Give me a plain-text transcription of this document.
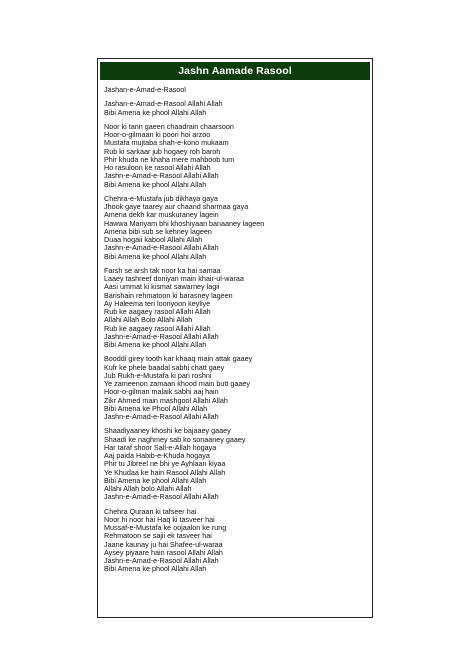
Jashn Aamade Rasool
Jashan-e-Amad-e-Rasool
Jashan-e-Amad-e-Rasool Allahi Allah
Bibi Amena ke phool Allahi Allah
Noor ki tann gaeen chaadrain chaarsoon
Hoor-o-gilmaan ki poori hoi arzoo
Mustafa mujtaba shah-e-kono mukaam
Rub ki sarkaar jub hogaey roh baroh
Phir khuda ne khaha mere mahboob tum
Ho rasuloon ke rasool Allahi Allah
Jashn-e-Amad-e-Rasool Allahi Allah
Bibi Amena ke phool Allahi Allah
Chehra-e-Mustafa jub dikhaya gaya
Jhook gaye taarey aur chaand sharmaa gaya
Amena dekh kar muskuraney lagein
Hawwa Mariyam bhi khoshiyaan banaaney lageen
Amena bibi sub se kehney lageen
Duaa hogaii kabool Allahi Allah
Jashn-e-Amad-e-Rasool Allahi Allah
Bibi Amena ke phool Allahi Allah
Farsh se arsh tak noor ka hai samaa
Laaey tashreef doniyan main khair-ul-waraa
Aasi ummat ki kismat sawarney lagii
Barishain rehmatoon ki barasney lageen
Ay Haleema teri looriyoon keyliye
Rub ke aagaey rasool Allahi Allah
Allahi Allah Bolo Allahi Allah
Rub ke aagaey rasool Allahi Allah
Jashn-e-Amad-e-Rasool Allahi Allah
Bibi Amena ke phool Allahi Allah
Booddi girey tooth kar khaaq main attak gaaey
Kufr ke phele baadal sabhi chatt gaey
Jub Rukh-e-Mustafa ki pari roshni
Ye zameenon zamaan khood main butt gaaey
Hoor-o-gilman malaik sabhi aaj hain
Zikr Ahmed main mashgool Allahi Allah
Bibi Amena ke Phool Allahi Allah
Jashn-e-Amad-e-Rasool Allahi Allah
Shaadiyaaney khoshi ke bajaaey gaaey
Shaadi ke naghmey sab ko sonaaney gaaey
Har taraf shoor Sall-e-Allah hogaya
Aaj paida Habib-e-Khuda hogaya
Phir tu Jibreel ne bhi ye Ayhlaan kiyaa
Ye Khudaa ke hain Rasool Allahi Allah
Bibi Amena ke phool Allahi Allah
Allahi Allah bolo Allahi Allah
Jashn-e-Amad-e-Rasool Allahi Allah
Chehra Quraan ki tafseer hai
Noor hi noor hai Haq ki tasveer hai
Mussaf-e-Mustafa ke oojaalon ke rung
Rehmatoon se sajii ek tasveer hai
Jaane kaunay ju hai Shafee-ul-waraa
Aysey piyaare hain rasool Allahi Allah
Jashn-e-Amad-e-Rasool Allahi Allah
Bibi Amena ke phool Allahi Allah
